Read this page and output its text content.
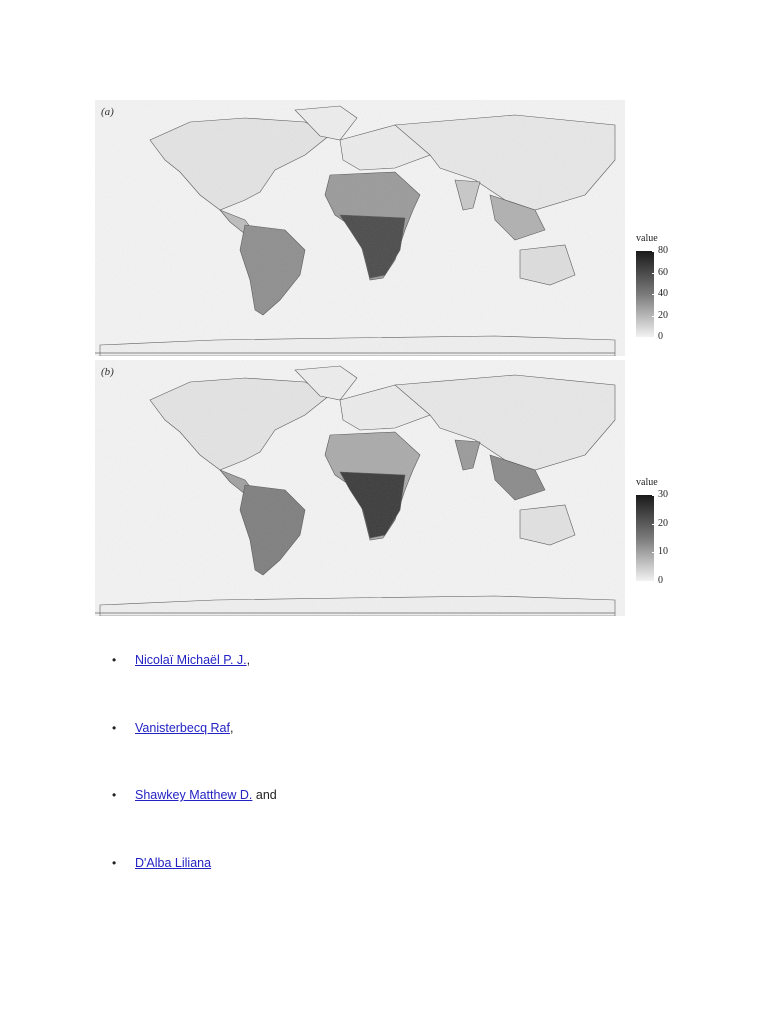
(a)
value
80
60
40
20
0
(b)
value
30
20
10
0
• Nicolaï Michaël P. J.,
• Vanisterbecq Raf,
• Shawkey Matthew D. and
• D'Alba Liliana
